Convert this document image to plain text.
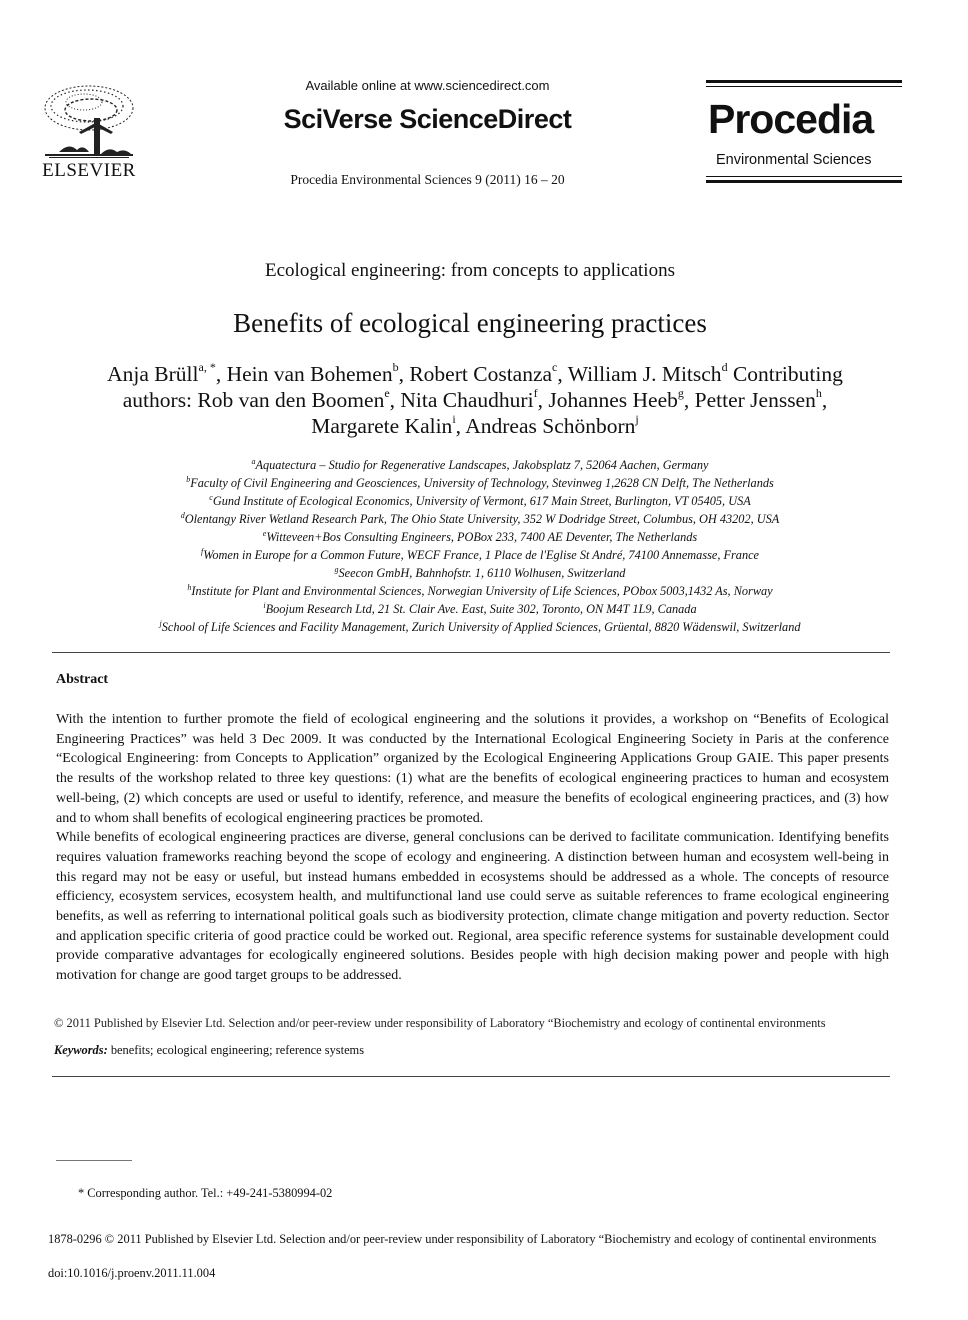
ELSEVIER
Available online at www.sciencedirect.com
SciVerse ScienceDirect
Procedia Environmental Sciences 9 (2011) 16 – 20
Procedia
Environmental Sciences
Ecological engineering: from concepts to applications
Benefits of ecological engineering practices
Anja Brüll$^{a, *}$, Hein van Bohemen$^b$, Robert Costanza$^c$, William J. Mitsch$^d$ Contributing
authors: Rob van den Boomen$^e$, Nita Chaudhuri$^f$, Johannes Heeb$^g$, Petter Jenssen$^h$,
Margarete Kalin$^i$, Andreas Schönborn$^j$
$^a$Aquatectura – Studio for Regenerative Landscapes, Jakobsplatz 7, 52064 Aachen, Germany
$^b$Faculty of Civil Engineering and Geosciences, University of Technology, Stevinweg 1,2628 CN Delft, The Netherlands
$^c$Gund Institute of Ecological Economics, University of Vermont, 617 Main Street, Burlington, VT 05405, USA
$^d$Olentangy River Wetland Research Park, The Ohio State University, 352 W Dodridge Street, Columbus, OH 43202, USA
$^e$Witteveen+Bos Consulting Engineers, POBox 233, 7400 AE Deventer, The Netherlands
$^f$Women in Europe for a Common Future, WECF France, 1 Place de l'Eglise St André, 74100 Annemasse, France
$^g$Seecon GmbH, Bahnhofstr. 1, 6110 Wolhusen, Switzerland
$^h$Institute for Plant and Environmental Sciences, Norwegian University of Life Sciences, PObox 5003,1432 As, Norway
$^i$Boojum Research Ltd, 21 St. Clair Ave. East, Suite 302, Toronto, ON M4T 1L9, Canada
$^j$School of Life Sciences and Facility Management, Zurich University of Applied Sciences, Grüental, 8820 Wädenswil, Switzerland
Abstract

With the intention to further promote the field of ecological engineering and the solutions it provides, a workshop on “Benefits of Ecological Engineering Practices” was held 3 Dec 2009. It was conducted by the International Ecological Engineering Society in Paris at the conference “Ecological Engineering: from Concepts to Application” organized by the Ecological Engineering Applications Group GAIE. This paper presents the results of the workshop related to three key questions: (1) what are the benefits of ecological engineering practices to human and ecosystem well-being, (2) which concepts are used or useful to identify, reference, and measure the benefits of ecological engineering practices, and (3) how and to whom shall benefits of ecological engineering practices be promoted.

While benefits of ecological engineering practices are diverse, general conclusions can be derived to facilitate communication. Identifying benefits requires valuation frameworks reaching beyond the scope of ecology and engineering. A distinction between human and ecosystem well-being in this regard may not be easy or useful, but instead humans embedded in ecosystems should be addressed as a whole. The concepts of resource efficiency, ecosystem services, ecosystem health, and multifunctional land use could serve as suitable references to frame ecological engineering benefits, as well as referring to international political goals such as biodiversity protection, climate change mitigation and poverty reduction. Sector and application specific criteria of good practice could be worked out. Regional, area specific reference systems for sustainable development could provide comparative advantages for ecologically engineered solutions. Besides people with high decision making power and people with high motivation for change are good target groups to be addressed.

© 2011 Published by Elsevier Ltd. Selection and/or peer-review under responsibility of Laboratory “Biochemistry and ecology of continental environments
Keywords: benefits; ecological engineering; reference systems
* Corresponding author. Tel.: +49-241-5380994-02
1878-0296 © 2011 Published by Elsevier Ltd. Selection and/or peer-review under responsibility of Laboratory “Biochemistry and ecology of continental environments
doi:10.1016/j.proenv.2011.11.004
